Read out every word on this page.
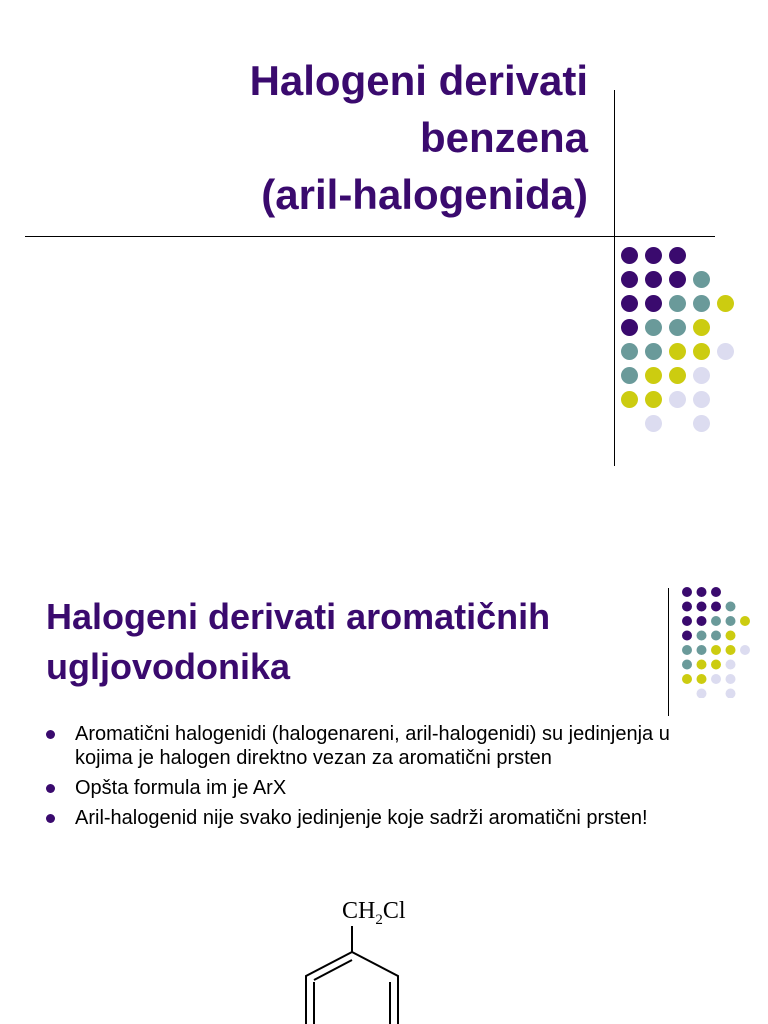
Halogeni derivati
benzena
(aril-halogenida)
Halogeni derivati aromatičnih ugljovodonika
Aromatični halogenidi (halogenareni, aril-halogenidi) su jedinjenja u kojima je halogen direktno vezan za aromatični prsten
Opšta formula im je ArX
Aril-halogenid nije svako jedinjenje koje sadrži aromatični prsten!
$CH_2Cl$
